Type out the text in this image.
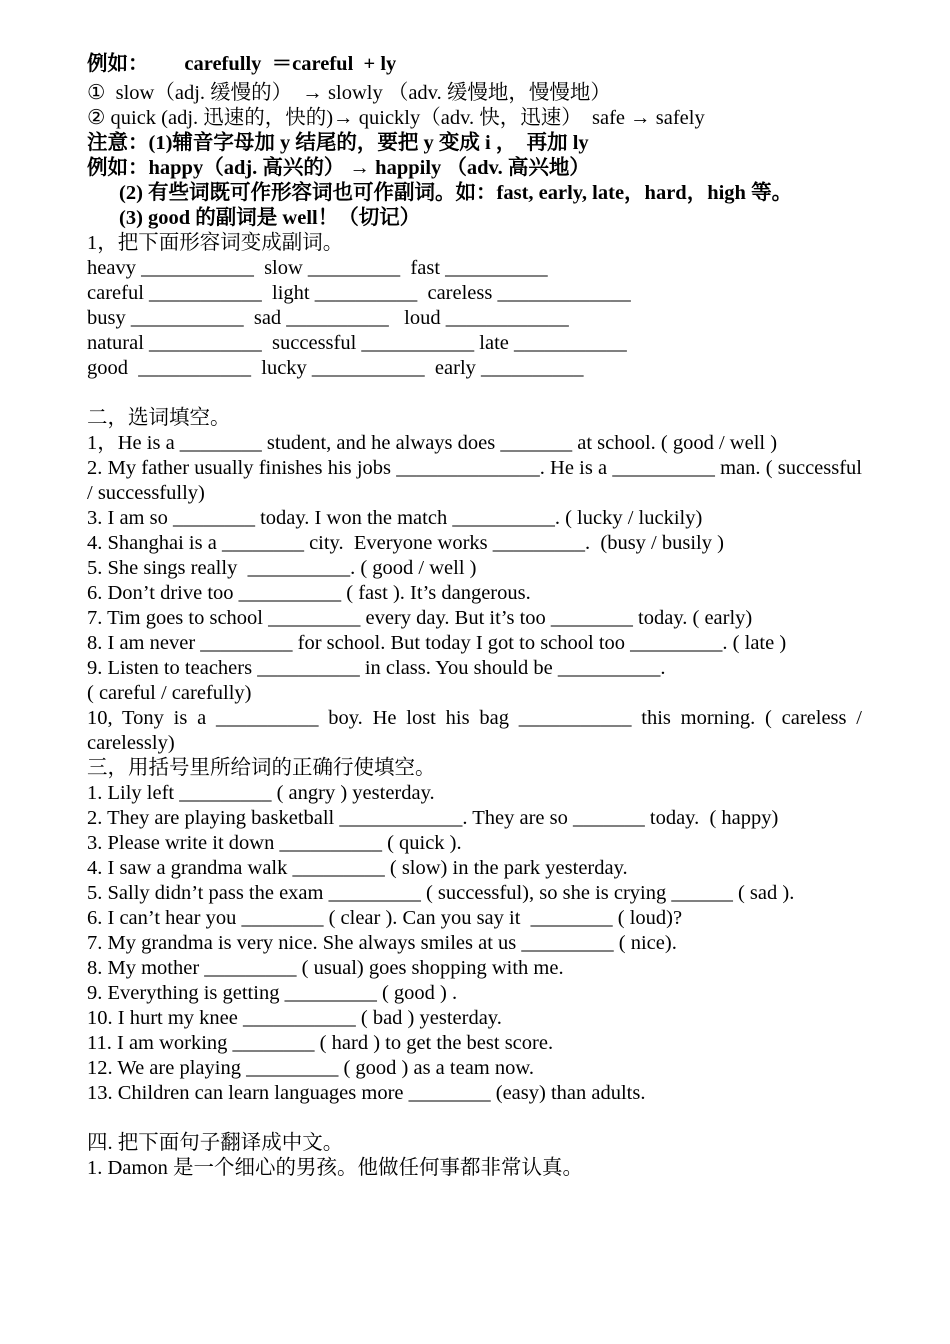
例如：       carefully  ＝careful  + ly
①  slow（adj. 缓慢的）  → slowly （adv. 缓慢地，慢慢地）
② quick (adj. 迅速的，快的)→ quickly（adv. 快，迅速）  safe → safely
注意：(1)辅音字母加 y 结尾的，要把 y 变成 i ，  再加 ly
例如：happy（adj. 高兴的） → happily （adv. 高兴地）
(2) 有些词既可作形容词也可作副词。如：fast, early, late，hard，high 等。
(3) good 的副词是 well！（切记）
1，把下面形容词变成副词。
heavy ___________  slow _________  fast __________
careful ___________  light __________  careless _____________
busy ___________  sad __________   loud ____________
natural ___________  successful ___________ late ___________
good  ___________  lucky ___________  early __________
二，选词填空。
1，He is a ________ student, and he always does _______ at school. ( good / well )
2. My father usually finishes his jobs ______________. He is a __________ man. ( successful / successfully)
3. I am so ________ today. I won the match __________. ( lucky / luckily)
4. Shanghai is a ________ city.  Everyone works _________.  (busy / busily )
5. She sings really  __________. ( good / well )
6. Don’t drive too __________ ( fast ). It’s dangerous.
7. Tim goes to school _________ every day. But it’s too ________ today. ( early)
8. I am never _________ for school. But today I got to school too _________. ( late )
9. Listen to teachers __________ in class. You should be __________.
( careful / carefully)
10, Tony is a __________ boy. He lost his bag ___________ this morning. ( careless / carelessly)
三，用括号里所给词的正确行使填空。
1. Lily left _________ ( angry ) yesterday.
2. They are playing basketball ____________. They are so _______ today.  ( happy)
3. Please write it down __________ ( quick ).
4. I saw a grandma walk _________ ( slow) in the park yesterday.
5. Sally didn’t pass the exam _________ ( successful), so she is crying ______ ( sad ).
6. I can’t hear you ________ ( clear ). Can you say it  ________ ( loud)?
7. My grandma is very nice. She always smiles at us _________ ( nice).
8. My mother _________ ( usual) goes shopping with me.
9. Everything is getting _________ ( good ) .
10. I hurt my knee ___________ ( bad ) yesterday.
11. I am working ________ ( hard ) to get the best score.
12. We are playing _________ ( good ) as a team now.
13. Children can learn languages more ________ (easy) than adults.
四. 把下面句子翻译成中文。
1. Damon 是一个细心的男孩。他做任何事都非常认真。
